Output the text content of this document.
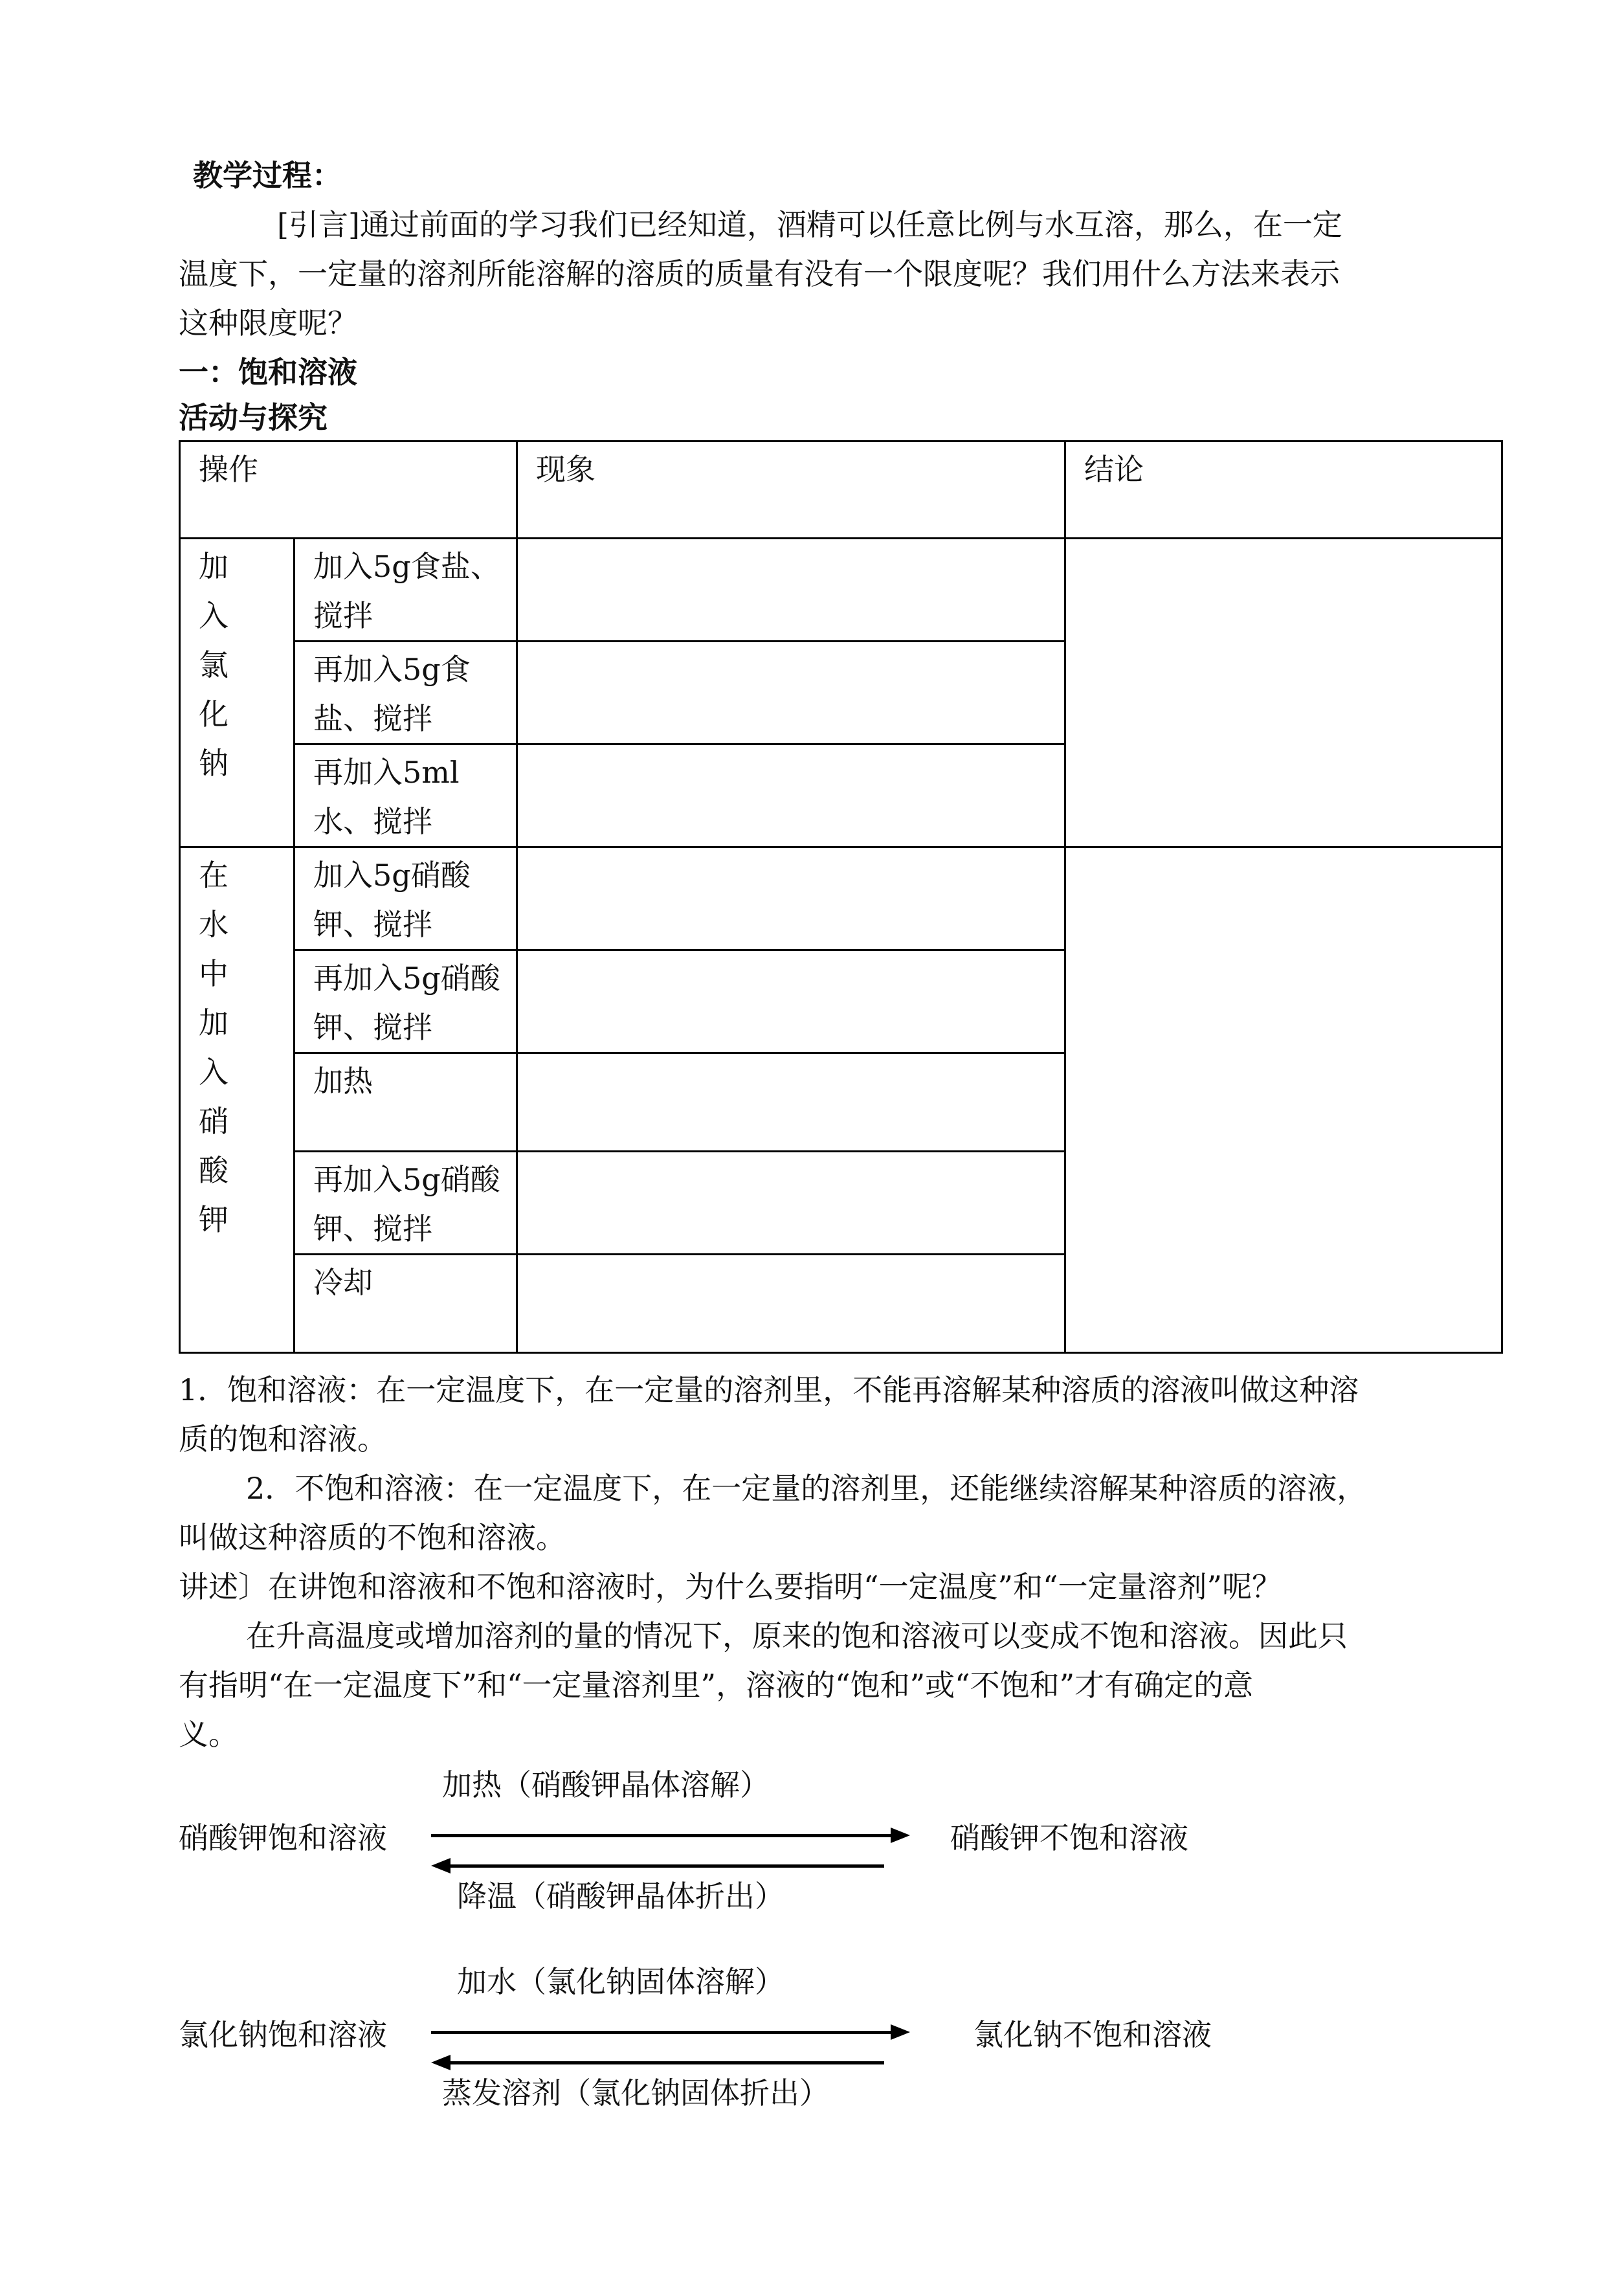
教学过程：
[引言]通过前面的学习我们已经知道，酒精可以任意比例与水互溶，那么，在一定
温度下，一定量的溶剂所能溶解的溶质的质量有没有一个限度呢？我们用什么方法来表示
这种限度呢？
一：饱和溶液
活动与探究
操作		现象	结论

加入氯化钠	加入5g食盐、搅拌		
	再加入5g食盐、搅拌		
	再加入5ml水、搅拌		

在水中加入硝酸钾	加入5g硝酸钾、搅拌		
	再加入5g硝酸钾、搅拌		
	加热		
	再加入5g硝酸钾、搅拌		
	冷却		
1．饱和溶液：在一定温度下，在一定量的溶剂里，不能再溶解某种溶质的溶液叫做这种溶
质的饱和溶液。
2．不饱和溶液：在一定温度下，在一定量的溶剂里，还能继续溶解某种溶质的溶液，
叫做这种溶质的不饱和溶液。
讲述〕在讲饱和溶液和不饱和溶液时，为什么要指明“一定温度”和“一定量溶剂”呢？
在升高温度或增加溶剂的量的情况下，原来的饱和溶液可以变成不饱和溶液。因此只
有指明“在一定温度下”和“一定量溶剂里”，溶液的“饱和”或“不饱和”才有确定的意
义。
加热（硝酸钾晶体溶解）
硝酸钾饱和溶液	硝酸钾不饱和溶液
降温（硝酸钾晶体折出）
加水（氯化钠固体溶解）
氯化钠饱和溶液	氯化钠不饱和溶液
蒸发溶剂（氯化钠固体折出）
